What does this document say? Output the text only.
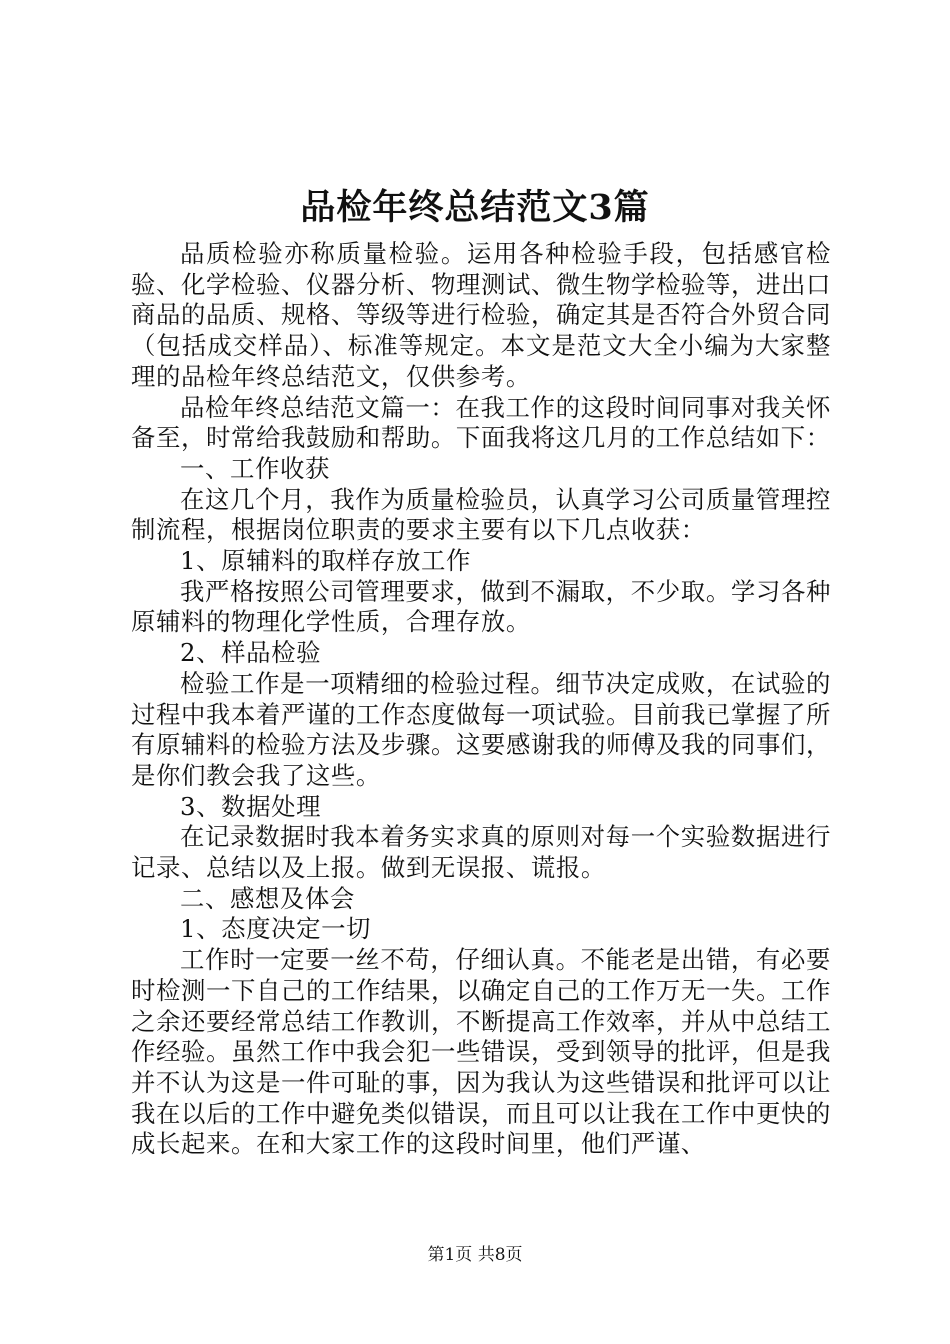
品检年终总结范文3篇

品质检验亦称质量检验。运用各种检验手段，包括感官检验、化学检验、仪器分析、物理测试、微生物学检验等，进出口商品的品质、规格、等级等进行检验，确定其是否符合外贸合同（包括成交样品）、标准等规定。本文是范文大全小编为大家整理的品检年终总结范文，仅供参考。

品检年终总结范文篇一：在我工作的这段时间同事对我关怀备至，时常给我鼓励和帮助。下面我将这几月的工作总结如下：

一、工作收获

在这几个月，我作为质量检验员，认真学习公司质量管理控制流程，根据岗位职责的要求主要有以下几点收获：

1、原辅料的取样存放工作

我严格按照公司管理要求，做到不漏取，不少取。学习各种原辅料的物理化学性质，合理存放。

2、样品检验

检验工作是一项精细的检验过程。细节决定成败，在试验的过程中我本着严谨的工作态度做每一项试验。目前我已掌握了所有原辅料的检验方法及步骤。这要感谢我的师傅及我的同事们，是你们教会我了这些。

3、数据处理

在记录数据时我本着务实求真的原则对每一个实验数据进行记录、总结以及上报。做到无误报、谎报。

二、感想及体会

1、态度决定一切

工作时一定要一丝不苟，仔细认真。不能老是出错，有必要时检测一下自己的工作结果，以确定自己的工作万无一失。工作之余还要经常总结工作教训，不断提高工作效率，并从中总结工作经验。虽然工作中我会犯一些错误，受到领导的批评，但是我并不认为这是一件可耻的事，因为我认为这些错误和批评可以让我在以后的工作中避免类似错误，而且可以让我在工作中更快的成长起来。在和大家工作的这段时间里，他们严谨、

第1页 共8页
